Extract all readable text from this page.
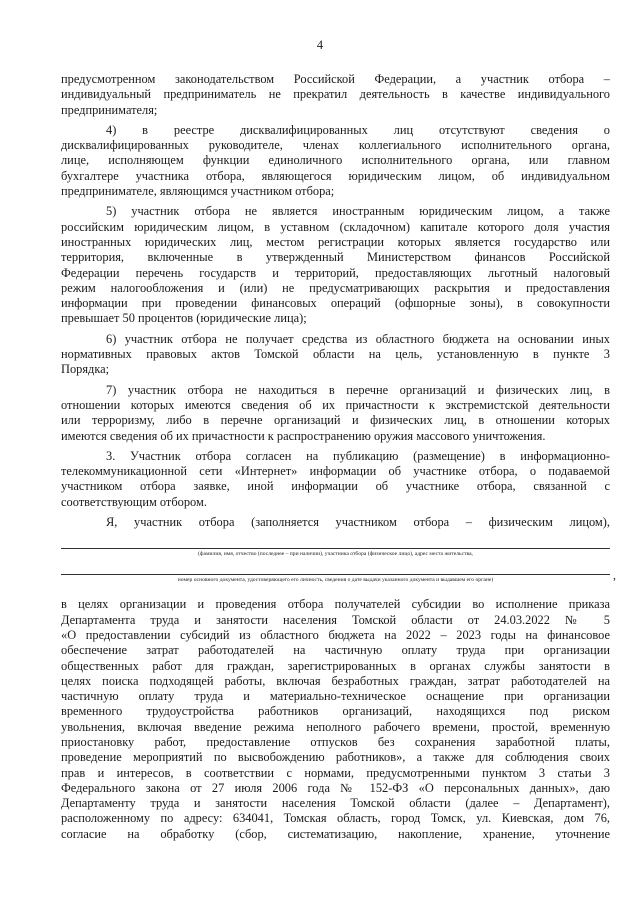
4
предусмотренном законодательством Российской Федерации, а участник отбора –
индивидуальный предприниматель не прекратил деятельность в качестве индивидуального
предпринимателя;
4) в реестре дисквалифицированных лиц отсутствуют сведения о
дисквалифицированных руководителе, членах коллегиального исполнительного органа,
лице, исполняющем функции единоличного исполнительного органа, или главном
бухгалтере участника отбора, являющегося юридическим лицом, об индивидуальном
предпринимателе, являющимся участником отбора;
5) участник отбора не является иностранным юридическим лицом, а также
российским юридическим лицом, в уставном (складочном) капитале которого доля участия
иностранных юридических лиц, местом регистрации которых является государство или
территория, включенные в утвержденный Министерством финансов Российской
Федерации перечень государств и территорий, предоставляющих льготный налоговый
режим налогообложения и (или) не предусматривающих раскрытия и предоставления
информации при проведении финансовых операций (офшорные зоны), в совокупности
превышает 50 процентов (юридические лица);
6) участник отбора не получает средства из областного бюджета на основании иных
нормативных правовых актов Томской области на цель, установленную в пункте 3
Порядка;
7) участник отбора не находиться в перечне организаций и физических лиц, в
отношении которых имеются сведения об их причастности к экстремистской деятельности
или терроризму, либо в перечне организаций и физических лиц, в отношении которых
имеются сведения об их причастности к распространению оружия массового уничтожения.
3. Участник отбора согласен на публикацию (размещение) в информационно-
телекоммуникационной сети «Интернет» информации об участнике отбора, о подаваемой
участником отбора заявке, иной информации об участнике отбора, связанной с
соответствующим отбором.
Я, участник отбора (заполняется участником отбора – физическим лицом),
(фамилия, имя, отчество (последнее – при наличии), участника отбора (физическое лицо), адрес места жительства,
,
номер основного документа, удостоверяющего его личность, сведения о дате выдачи указанного документа и выдавшем его органе)
в целях организации и проведения отбора получателей субсидии во исполнение приказа
Департамента труда и занятости населения Томской области от 24.03.2022 № 5
«О предоставлении субсидий из областного бюджета на 2022 – 2023 годы на финансовое
обеспечение затрат работодателей на частичную оплату труда при организации
общественных работ для граждан, зарегистрированных в органах службы занятости в
целях поиска подходящей работы, включая безработных граждан, затрат работодателей на
частичную оплату труда и материально-техническое оснащение при организации
временного трудоустройства работников организаций, находящихся под риском
увольнения, включая введение режима неполного рабочего времени, простой, временную
приостановку работ, предоставление отпусков без сохранения заработной платы,
проведение мероприятий по высвобождению работников», а также для соблюдения своих
прав и интересов, в соответствии с нормами, предусмотренными пунктом 3 статьи 3
Федерального закона от 27 июля 2006 года № 152-ФЗ «О персональных данных», даю
Департаменту труда и занятости населения Томской области (далее – Департамент),
расположенному по адресу: 634041, Томская область, город Томск, ул. Киевская, дом 76,
согласие на обработку (сбор, систематизацию, накопление, хранение, уточнение
